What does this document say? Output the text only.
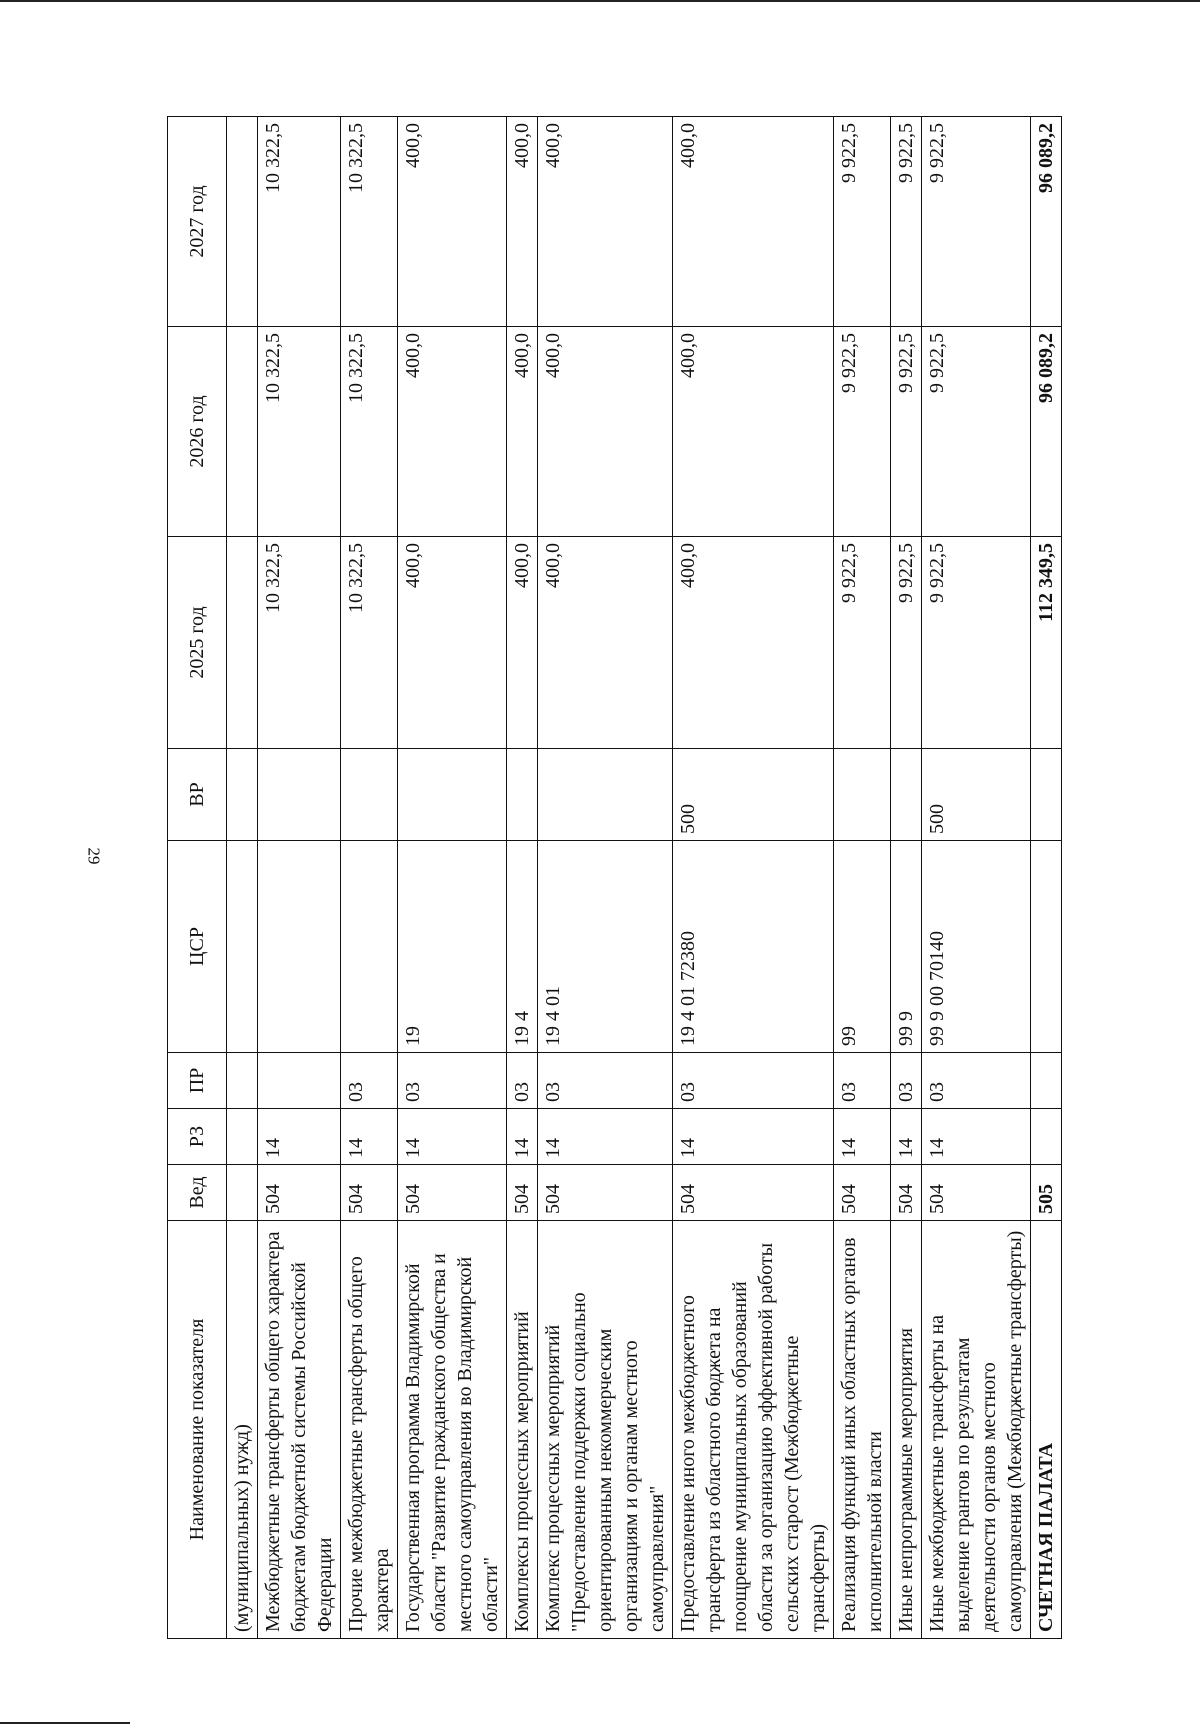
29
Наименование показателя	Вед	РЗ	ПР	ЦСР	ВР	2025 год	2026 год	2027 год
(муниципальных) нужд)								
Межбюджетные трансферты общего характера бюджетам бюджетной системы Российской Федерации	504	14				10 322,5	10 322,5	10 322,5
Прочие межбюджетные трансферты общего характера	504	14	03			10 322,5	10 322,5	10 322,5
Государственная программа Владимирской области "Развитие гражданского общества и местного самоуправления во Владимирской области"	504	14	03	19		400,0	400,0	400,0
Комплексы процессных мероприятий	504	14	03	19 4		400,0	400,0	400,0
Комплекс процессных мероприятий "Предоставление поддержки социально ориентированным некоммерческим организациям и органам местного самоуправления"	504	14	03	19 4 01		400,0	400,0	400,0
Предоставление иного межбюджетного трансферта из областного бюджета на поощрение муниципальных образований области за организацию эффективной работы сельских старост (Межбюджетные трансферты)	504	14	03	19 4 01 72380	500	400,0	400,0	400,0
Реализация функций иных областных органов исполнительной власти	504	14	03	99		9 922,5	9 922,5	9 922,5
Иные непрограммные мероприятия	504	14	03	99 9		9 922,5	9 922,5	9 922,5
Иные межбюджетные трансферты на выделение грантов по результатам деятельности органов местного самоуправления (Межбюджетные трансферты)	504	14	03	99 9 00 70140	500	9 922,5	9 922,5	9 922,5
СЧЕТНАЯ ПАЛАТА	505					112 349,5	96 089,2	96 089,2
